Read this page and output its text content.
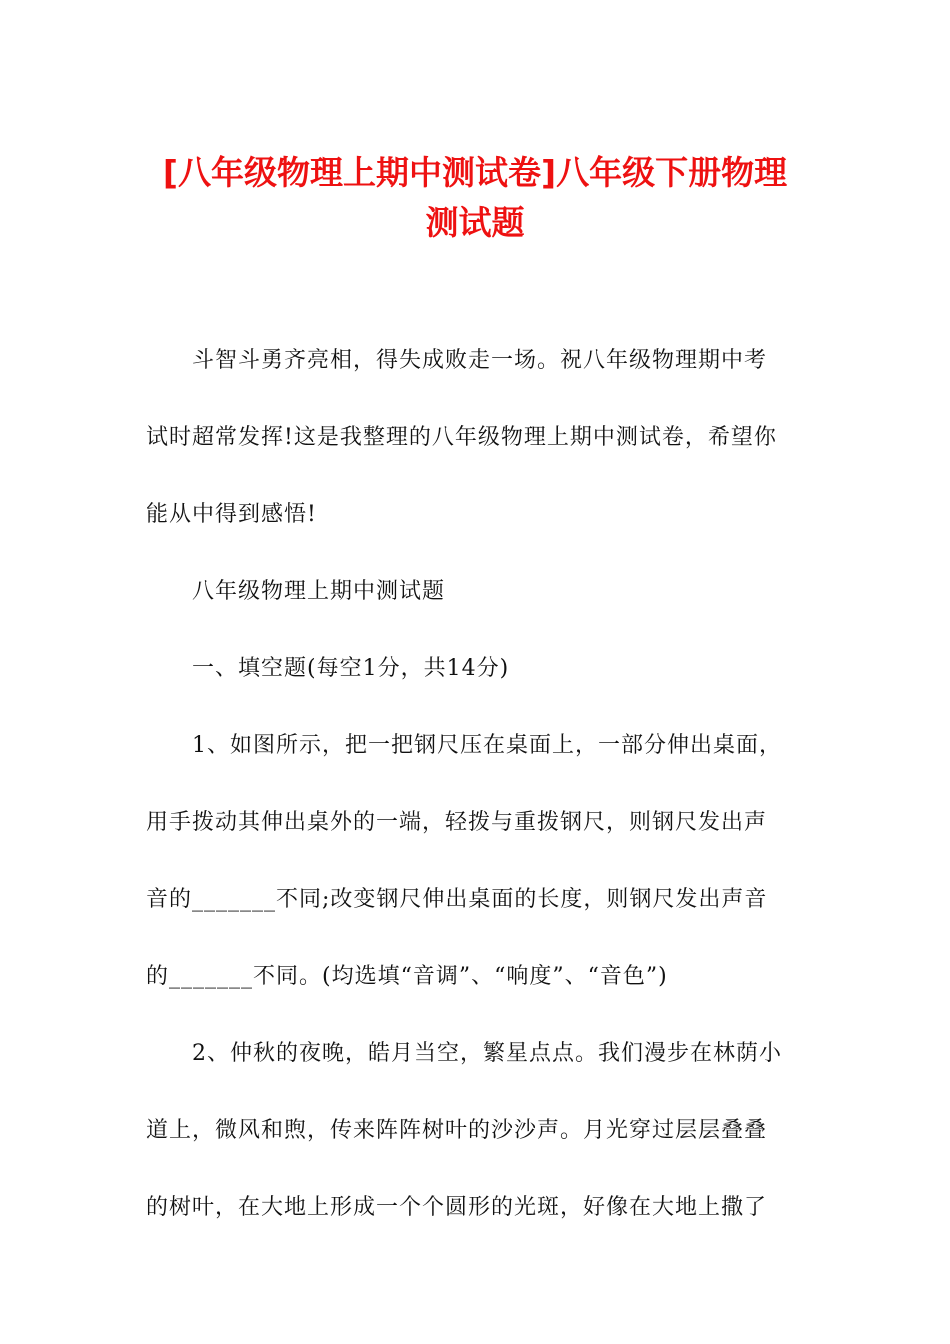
[八年级物理上期中测试卷]八年级下册物理
测试题
斗智斗勇齐亮相，得失成败走一场。祝八年级物理期中考
试时超常发挥!这是我整理的八年级物理上期中测试卷，希望你
能从中得到感悟!
八年级物理上期中测试题
一、填空题(每空1分，共14分)
1、如图所示，把一把钢尺压在桌面上，一部分伸出桌面，
用手拨动其伸出桌外的一端，轻拨与重拨钢尺，则钢尺发出声
音的_______不同;改变钢尺伸出桌面的长度，则钢尺发出声音
的_______不同。(均选填“音调”、“响度”、“音色”)
2、仲秋的夜晚，皓月当空，繁星点点。我们漫步在林荫小
道上，微风和煦，传来阵阵树叶的沙沙声。月光穿过层层叠叠
的树叶，在大地上形成一个个圆形的光斑，好像在大地上撒了
